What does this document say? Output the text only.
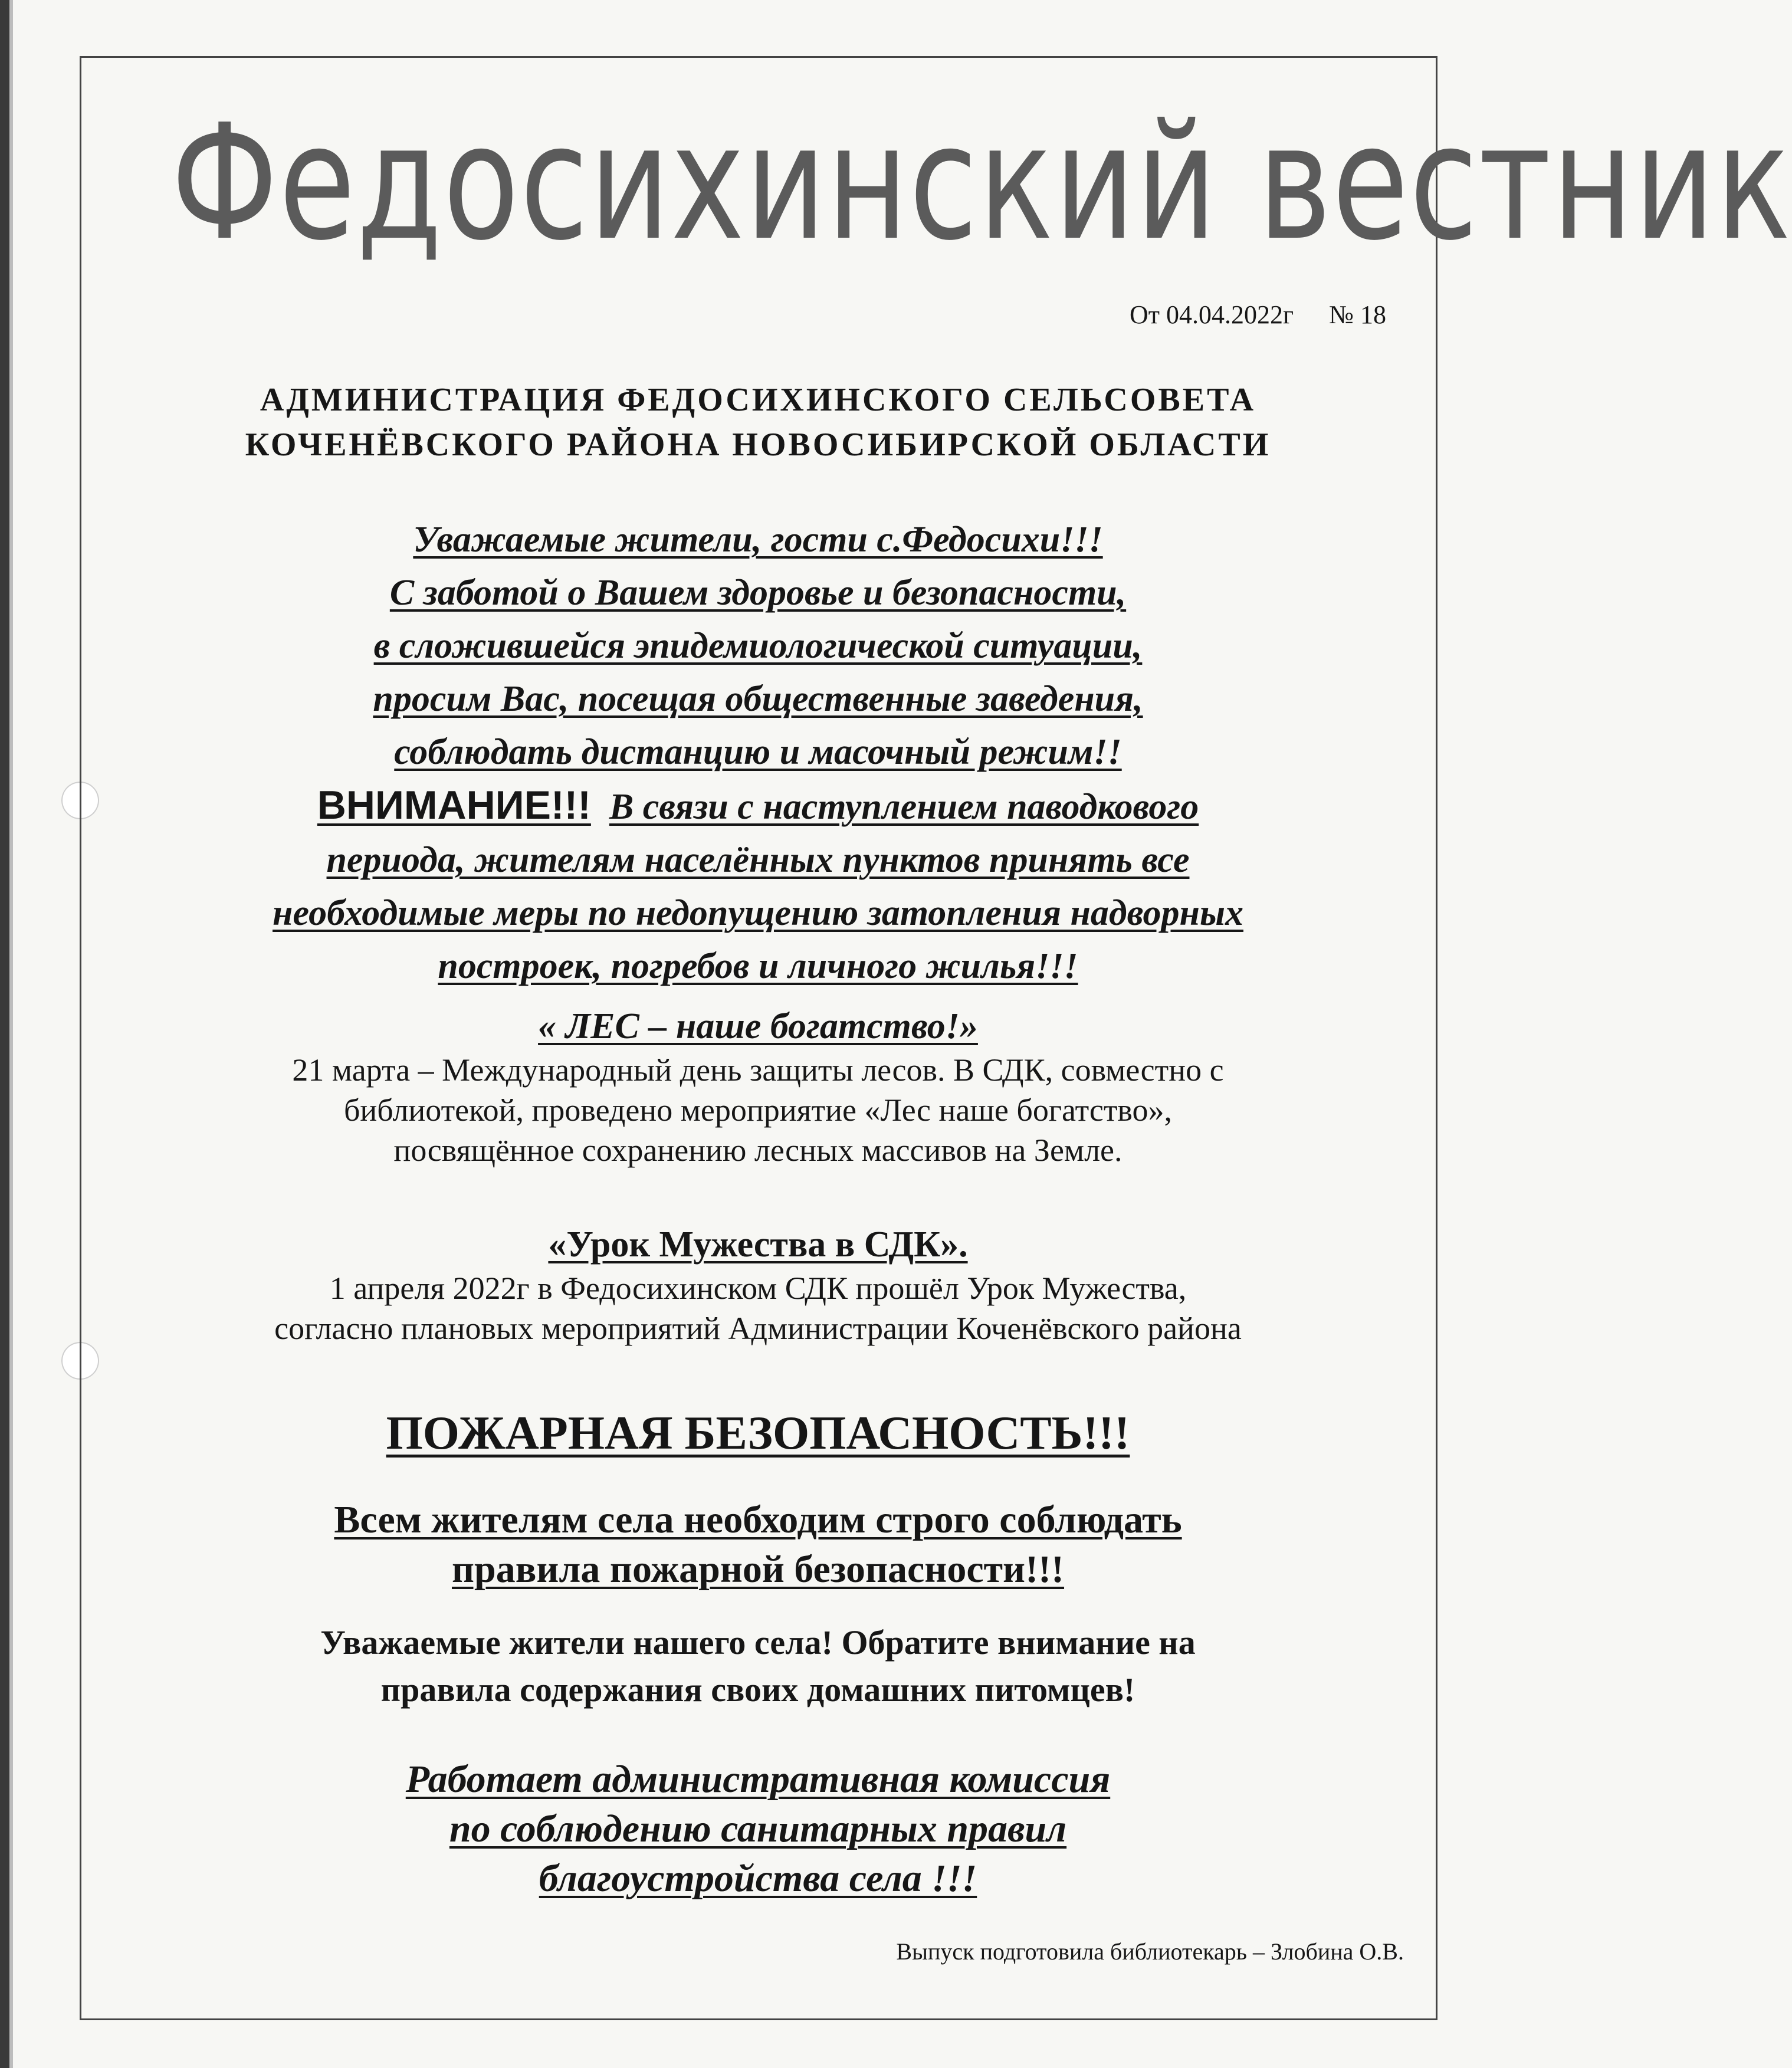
Федосихинский вестник
От 04.04.2022г № 18
АДМИНИСТРАЦИЯ ФЕДОСИХИНСКОГО СЕЛЬСОВЕТА
КОЧЕНЁВСКОГО РАЙОНА НОВОСИБИРСКОЙ ОБЛАСТИ
Уважаемые жители, гости с.Федосихи!!!
С заботой о Вашем здоровье и безопасности,
в сложившейся эпидемиологической ситуации,
просим Вас, посещая общественные заведения,
соблюдать дистанцию и масочный режим!!
ВНИМАНИЕ!!! В связи с наступлением паводкового
периода, жителям населённых пунктов принять все
необходимые меры по недопущению затопления надворных
построек, погребов и личного жилья!!!
« ЛЕС – наше богатство!»
21 марта – Международный день защиты лесов. В СДК, совместно с
библиотекой, проведено мероприятие «Лес наше богатство»,
посвящённое сохранению лесных массивов на Земле.
«Урок Мужества в СДК».
1 апреля 2022г в Федосихинском СДК прошёл Урок Мужества,
согласно плановых мероприятий Администрации Коченёвского района
ПОЖАРНАЯ БЕЗОПАСНОСТЬ!!!
Всем жителям села необходим строго соблюдать
правила пожарной безопасности!!!
Уважаемые жители нашего села! Обратите внимание на
правила содержания своих домашних питомцев!
Работает административная комиссия
по соблюдению санитарных правил
благоустройства села !!!
Выпуск подготовила библиотекарь – Злобина О.В.
